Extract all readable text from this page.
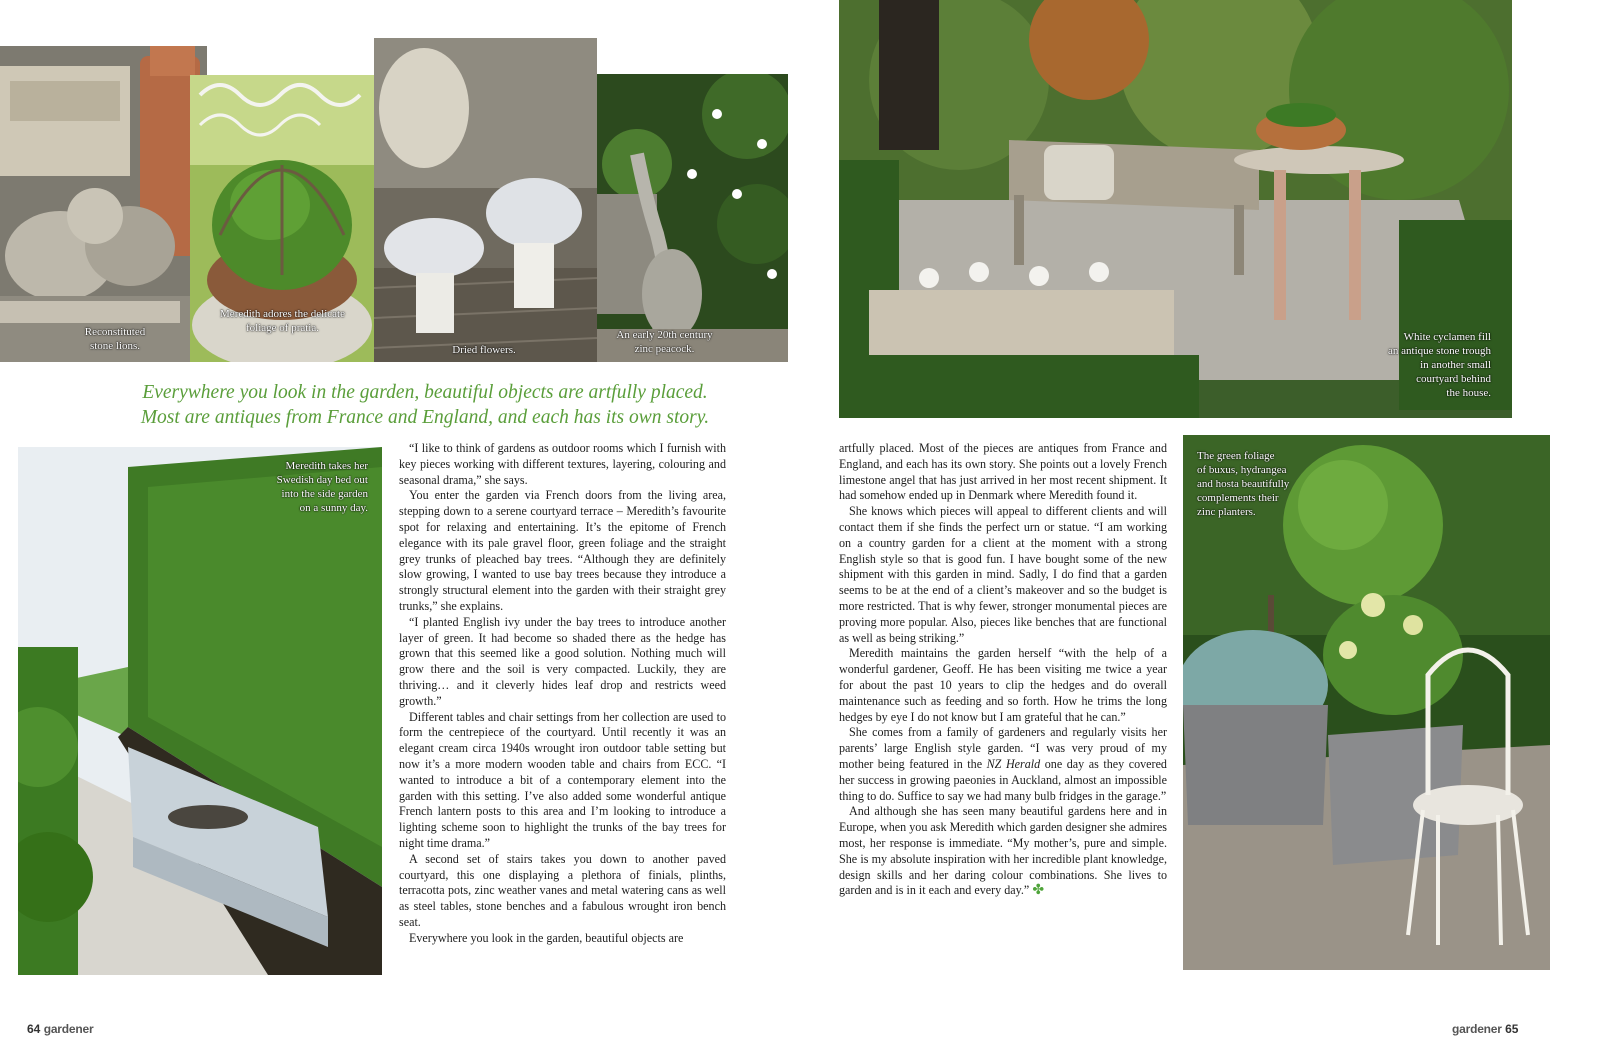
Reconstituted
stone lions.
Meredith adores the delicate
foliage of pratia.
Dried flowers.
An early 20th century
zinc peacock.
Everywhere you look in the garden, beautiful objects are artfully placed.
Most are antiques from France and England, and each has its own story.
Meredith takes her
Swedish day bed out
into the side garden
on a sunny day.

“I like to think of gardens as outdoor rooms which I furnish with key pieces working with different textures, layering, colouring and seasonal drama,” she says.

You enter the garden via French doors from the living area, stepping down to a serene courtyard terrace – Meredith’s favourite spot for relaxing and entertaining. It’s the epitome of French elegance with its pale gravel floor, green foliage and the straight grey trunks of pleached bay trees. “Although they are definitely slow growing, I wanted to use bay trees because they introduce a strongly structural element into the garden with their straight grey trunks,” she explains.

“I planted English ivy under the bay trees to introduce another layer of green. It had become so shaded there as the hedge has grown that this seemed like a good solution. Nothing much will grow there and the soil is very compacted. Luckily, they are thriving… and it cleverly hides leaf drop and restricts weed growth.”

Different tables and chair settings from her collection are used to form the centrepiece of the courtyard. Until recently it was an elegant cream circa 1940s wrought iron outdoor table setting but now it’s a more modern wooden table and chairs from ECC. “I wanted to introduce a bit of a contemporary element into the garden with this setting. I’ve also added some wonderful antique French lantern posts to this area and I’m looking to introduce a lighting scheme soon to highlight the trunks of the bay trees for night time drama.”

A second set of stairs takes you down to another paved courtyard, this one displaying a plethora of finials, plinths, terracotta pots, zinc weather vanes and metal watering cans as well as steel tables, stone benches and a fabulous wrought iron bench seat.

Everywhere you look in the garden, beautiful objects are

64 gardener
White cyclamen fill
an antique stone trough
in another small
courtyard behind
the house.

artfully placed. Most of the pieces are antiques from France and England, and each has its own story. She points out a lovely French limestone angel that has just arrived in her most recent shipment. It had somehow ended up in Denmark where Meredith found it.

She knows which pieces will appeal to different clients and will contact them if she finds the perfect urn or statue. “I am working on a country garden for a client at the moment with a strong English style so that is good fun. I have bought some of the new shipment with this garden in mind. Sadly, I do find that a garden seems to be at the end of a client’s makeover and so the budget is more restricted. That is why fewer, stronger monumental pieces are proving more popular. Also, pieces like benches that are functional as well as being striking.”

Meredith maintains the garden herself “with the help of a wonderful gardener, Geoff. He has been visiting me twice a year for about the past 10 years to clip the hedges and do overall maintenance such as feeding and so forth. How he trims the long hedges by eye I do not know but I am grateful that he can.”

She comes from a family of gardeners and regularly visits her parents’ large English style garden. “I was very proud of my mother being featured in the NZ Herald one day as they covered her success in growing paeonies in Auckland, almost an impossible thing to do. Suffice to say we had many bulb fridges in the garage.”

And although she has seen many beautiful gardens here and in Europe, when you ask Meredith which garden designer she admires most, her response is immediate. “My mother’s, pure and simple. She is my absolute inspiration with her incredible plant knowledge, design skills and her daring colour combinations. She lives to garden and is in it each and every day.” ✤

The green foliage
of buxus, hydrangea
and hosta beautifully
complements their
zinc planters.
gardener 65
